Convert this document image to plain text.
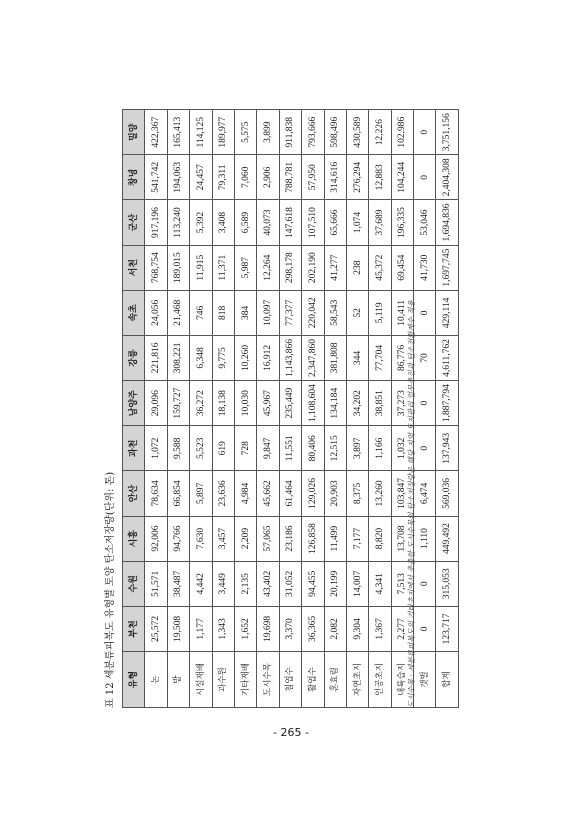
표 12 세분류피복도 유형별 토양 탄소저장량(단위: 톤)	유형	부천	수원	시흥	안산	과천	남양주	강릉	속초	서천	군산	창녕	밀양
논	25,572	51,571	92,006	78,634	1,072	29,096	221,816	24,056	768,754	917,196	541,742	422,367
밭	19,508	38,487	94,766	66,854	9,588	159,727	308,221	21,468	189,015	113,240	194,063	165,413
시설재배	1,177	4,442	7,630	5,897	5,523	36,272	6,348	746	11,915	5,392	24,457	114,125
과수원	1,343	3,449	3,457	23,636	619	18,138	9,775	818	11,371	3,408	79,311	189,977
기타재배	1,652	2,135	2,209	4,984	728	10,030	10,260	384	5,987	6,589	7,060	5,575
도시수목	19,698	43,402	57,065	45,662	9,847	45,967	16,912	10,097	12,264	40,073	2,906	3,899
침엽수	3,370	31,052	23,186	61,464	11,551	235,449	1,143,866	77,377	298,178	147,618	788,781	911,838
활엽수	36,365	94,455	126,858	129,026	80,406	1,108,604	2,347,860	220,042	202,190	107,510	57,950	793,666
혼효림	2,082	20,199	11,499	20,903	12,515	134,184	381,808	58,543	41,277	65,666	314,616	598,496
자연초지	9,304	14,007	7,177	8,375	3,897	34,202	344	52	238	1,074	276,294	430,589
인공초지	1,367	4,341	8,820	13,260	1,166	38,851	77,704	5,119	45,372	37,689	12,883	12,226
내륙습지	2,277	7,513	13,708	103,847	1,032	37,273	86,776	10,411	69,454	196,335	104,244	102,986
갯벌	0	0	1,110	6,474	0	0	70	0	41,730	53,046	0	0
합계	123,717	315,053	449,492	569,036	137,943	1,887,794	4,611,762	429,114	1,697,745	1,694,836	2,404,308	3,751,156
도시수목 : 세분류피복도의 기타초지에서 추출한 도시수목의 탄소저장량은 해당 지역 토지관리 업무추진과 탄소전환계수 적용
- 265 -
